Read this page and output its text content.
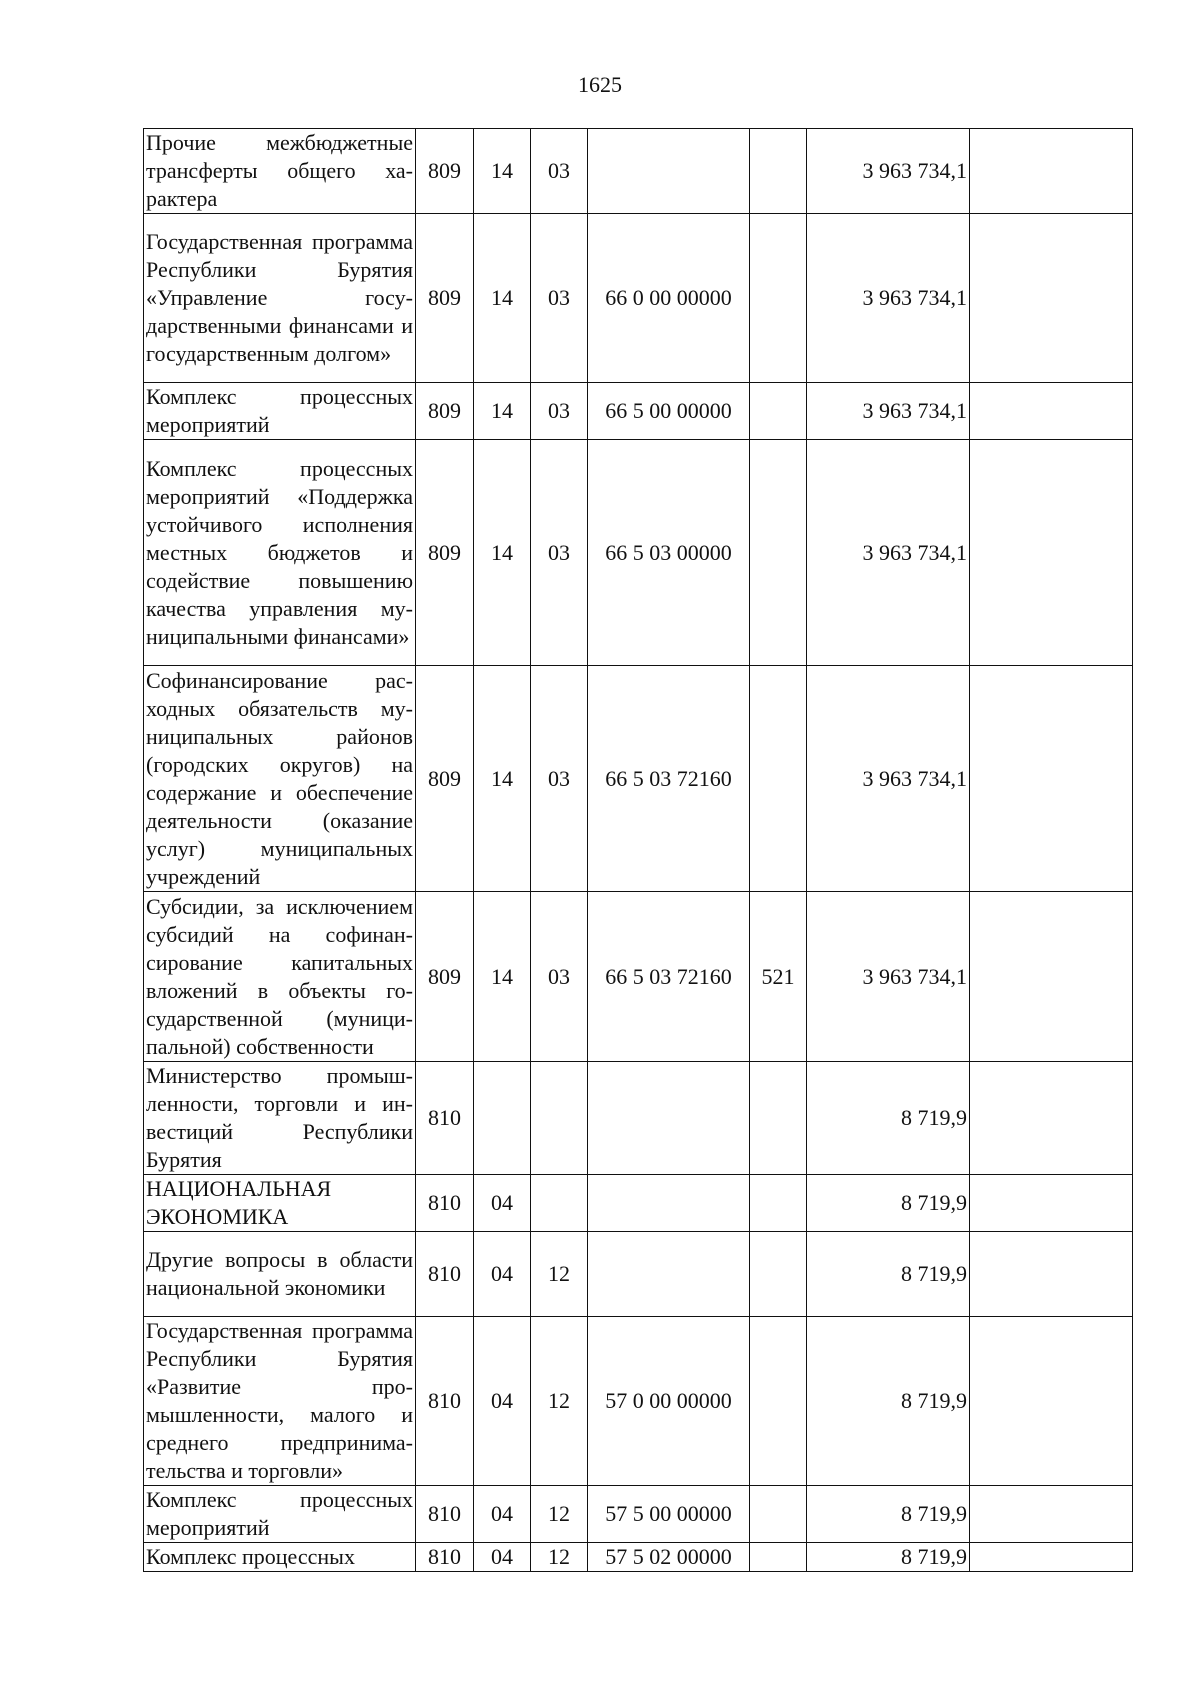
1625
Прочие межбюджетные трансферты общего характера	809	14	03			3 963 734,1	
Государственная программа Республики Бурятия «Управление государственными финансами и государственным долгом»	809	14	03	66 0 00 00000		3 963 734,1	
Комплекс процессных мероприятий	809	14	03	66 5 00 00000		3 963 734,1	
Комплекс процессных мероприятий «Поддержка устойчивого исполнения местных бюджетов и содействие повышению качества управления муниципальными финансами»	809	14	03	66 5 03 00000		3 963 734,1	
Софинансирование расходных обязательств муниципальных районов (городских округов) на содержание и обеспечение деятельности (оказание услуг) муниципальных учреждений	809	14	03	66 5 03 72160		3 963 734,1	
Субсидии, за исключением субсидий на софинансирование капитальных вложений в объекты государственной (муниципальной) собственности	809	14	03	66 5 03 72160	521	3 963 734,1	
Министерство промышленности, торговли и инвестиций Республики Бурятия	810					8 719,9	
НАЦИОНАЛЬНАЯ ЭКОНОМИКА	810	04				8 719,9	
Другие вопросы в области национальной экономики	810	04	12			8 719,9	
Государственная программа Республики Бурятия «Развитие промышленности, малого и среднего предпринимательства и торговли»	810	04	12	57 0 00 00000		8 719,9	
Комплекс процессных мероприятий	810	04	12	57 5 00 00000		8 719,9	
Комплекс процессных	810	04	12	57 5 02 00000		8 719,9	
